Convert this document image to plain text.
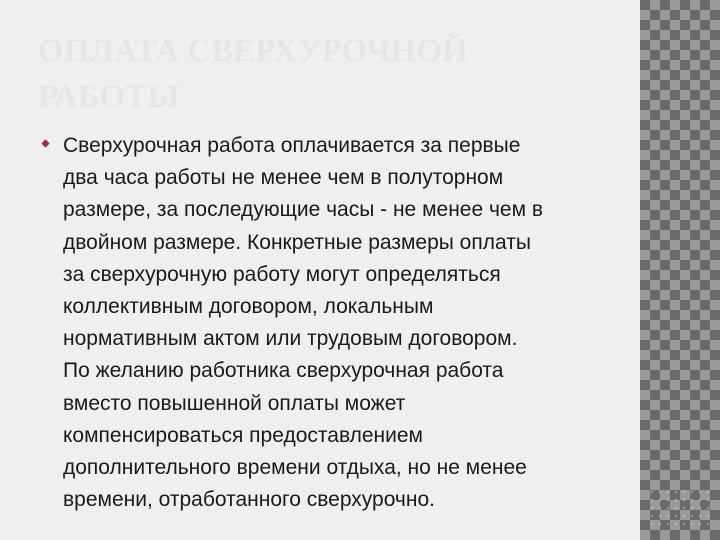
ОПЛАТА СВЕРХУРОЧНОЙ
РАБОТЫ

Сверхурочная работа оплачивается за первые
два часа работы не менее чем в полуторном
размере, за последующие часы - не менее чем в
двойном размере. Конкретные размеры оплаты
за сверхурочную работу могут определяться
коллективным договором, локальным
нормативным актом или трудовым договором.
По желанию работника сверхурочная работа
вместо повышенной оплаты может
компенсироваться предоставлением
дополнительного времени отдыха, но не менее
времени, отработанного сверхурочно.
